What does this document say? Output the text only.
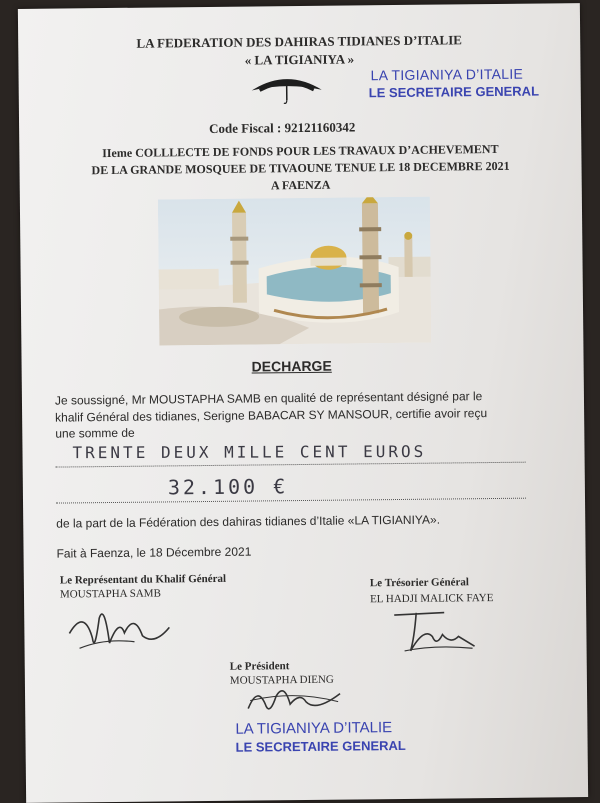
LA FEDERATION DES DAHIRAS TIDIANES D’ITALIE
« LA TIGIANIYA »
LA TIGIANIYA D’ITALIE
LE SECRETAIRE GENERAL
Code Fiscal : 92121160342
IIeme COLLLECTE DE FONDS POUR LES TRAVAUX D’ACHEVEMENT
DE LA GRANDE MOSQUEE DE TIVAOUNE TENUE LE 18 DECEMBRE 2021
A FAENZA
DECHARGE
Je soussigné, Mr MOUSTAPHA SAMB en qualité de représentant désigné par le
khalif Général des tidianes, Serigne BABACAR SY MANSOUR, certifie avoir reçu
une somme de
TRENTE DEUX MILLE CENT EUROS
32.100 €
de la part de la Fédération des dahiras tidianes d’Italie «LA TIGIANIYA».
Fait à Faenza, le 18 Décembre 2021
Le Représentant du Khalif Général
MOUSTAPHA SAMB
Le Trésorier Général
EL HADJI MALICK FAYE
Le Président
MOUSTAPHA DIENG
LA TIGIANIYA D’ITALIE
LE SECRETAIRE GENERAL
